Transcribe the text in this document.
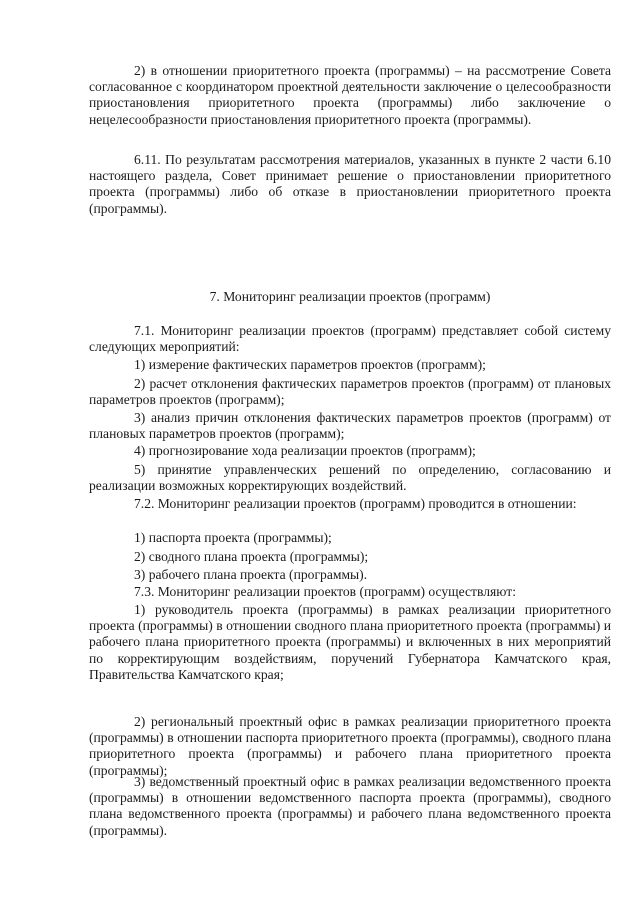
2) в отношении приоритетного проекта (программы) – на рассмотрение Совета согласованное с координатором проектной деятельности заключение о целесообразности приостановления приоритетного проекта (программы) либо заключение о нецелесообразности приостановления приоритетного проекта (программы).

6.11. По результатам рассмотрения материалов, указанных в пункте 2 части 6.10 настоящего раздела, Совет принимает решение о приостановлении приоритетного проекта (программы) либо об отказе в приостановлении приоритетного проекта (программы).

7. Мониторинг реализации проектов (программ)

7.1. Мониторинг реализации проектов (программ) представляет собой систему следующих мероприятий:

1) измерение фактических параметров проектов (программ);

2) расчет отклонения фактических параметров проектов (программ) от плановых параметров проектов (программ);

3) анализ причин отклонения фактических параметров проектов (программ) от плановых параметров проектов (программ);

4) прогнозирование хода реализации проектов (программ);

5) принятие управленческих решений по определению, согласованию и реализации возможных корректирующих воздействий.

7.2. Мониторинг реализации проектов (программ) проводится в отношении:

1) паспорта проекта (программы);

2) сводного плана проекта (программы);

3) рабочего плана проекта (программы).

7.3. Мониторинг реализации проектов (программ) осуществляют:

1) руководитель проекта (программы) в рамках реализации приоритетного проекта (программы) в отношении сводного плана приоритетного проекта (программы) и рабочего плана приоритетного проекта (программы) и включенных в них мероприятий по корректирующим воздействиям, поручений Губернатора Камчатского края, Правительства Камчатского края;

2) региональный проектный офис в рамках реализации приоритетного проекта (программы) в отношении паспорта приоритетного проекта (программы), сводного плана приоритетного проекта (программы) и рабочего плана приоритетного проекта (программы);

3) ведомственный проектный офис в рамках реализации ведомственного проекта (программы) в отношении ведомственного паспорта проекта (программы), сводного плана ведомственного проекта (программы) и рабочего плана ведомственного проекта (программы).
